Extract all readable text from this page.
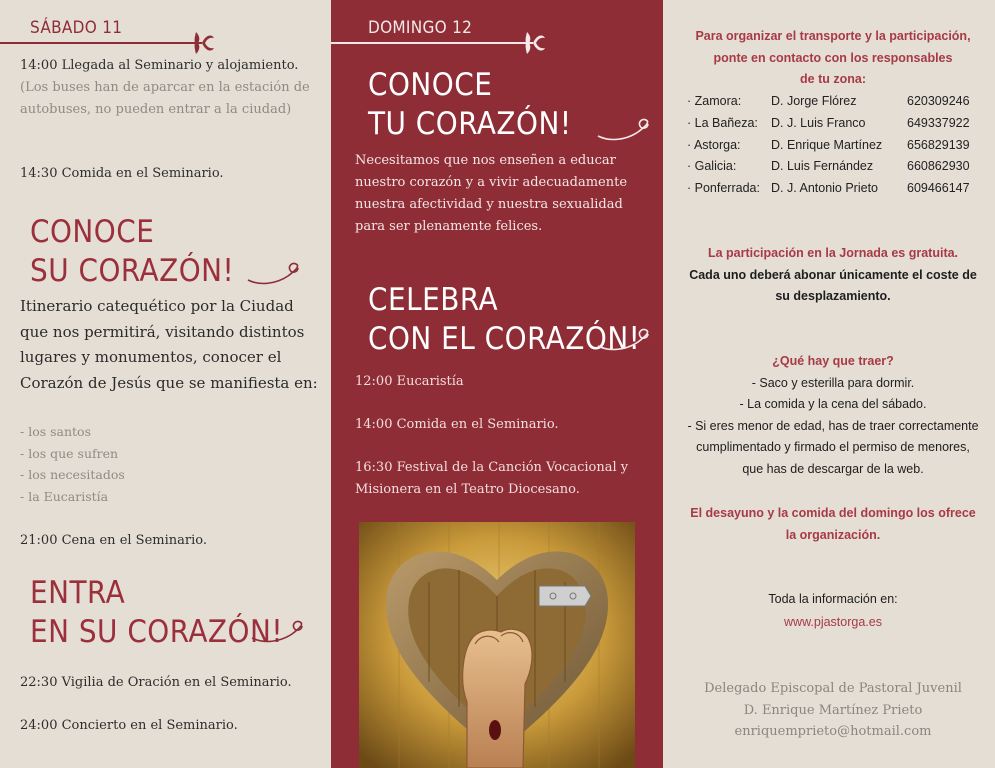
SÁBADO 11
14:00 Llegada al Seminario y alojamiento.
(Los buses han de aparcar en la estación de autobuses, no pueden entrar a la ciudad)
14:30 Comida en el Seminario.
CONOCE
SU CORAZÓN!
Itinerario catequético por la Ciudad que nos permitirá, visitando distintos lugares y monumentos, conocer el Corazón de Jesús que se manifiesta en:
- los santos
- los que sufren
- los necesitados
- la Eucaristía
21:00 Cena en el Seminario.
ENTRA
EN SU CORAZÓN!
22:30 Vigilia de Oración en el Seminario.
24:00 Concierto en el Seminario.
DOMINGO 12
CONOCE
TU CORAZÓN!
Necesitamos que nos enseñen a educar nuestro corazón y a vivir adecuadamente nuestra afectividad y nuestra sexualidad para ser plenamente felices.
CELEBRA
CON EL CORAZÓN!
12:00 Eucaristía
14:00 Comida en el Seminario.
16:30 Festival de la Canción Vocacional y Misionera en el Teatro Diocesano.
Para organizar el transporte y la participación,
ponte en contacto con los responsables
de tu zona:
· Zamora: D. Jorge Flórez	620309246
· La Bañeza: D. J. Luis Franco	649337922
· Astorga: D. Enrique Martínez 656829139
· Galicia:	D. Luis Fernández	660862930
· Ponferrada: D. J. Antonio Prieto 609466147
La participación en la Jornada es gratuita.
Cada uno deberá abonar únicamente el coste de
su desplazamiento.
¿Qué hay que traer?
- Saco y esterilla para dormir.
- La comida y la cena del sábado.
- Si eres menor de edad, has de traer correctamente
cumplimentado y firmado el permiso de menores,
que has de descargar de la web.
El desayuno y la comida del domingo los ofrece
la organización.
Toda la información en:
www.pjastorga.es
Delegado Episcopal de Pastoral Juvenil
D. Enrique Martínez Prieto
enriquemprieto@hotmail.com
